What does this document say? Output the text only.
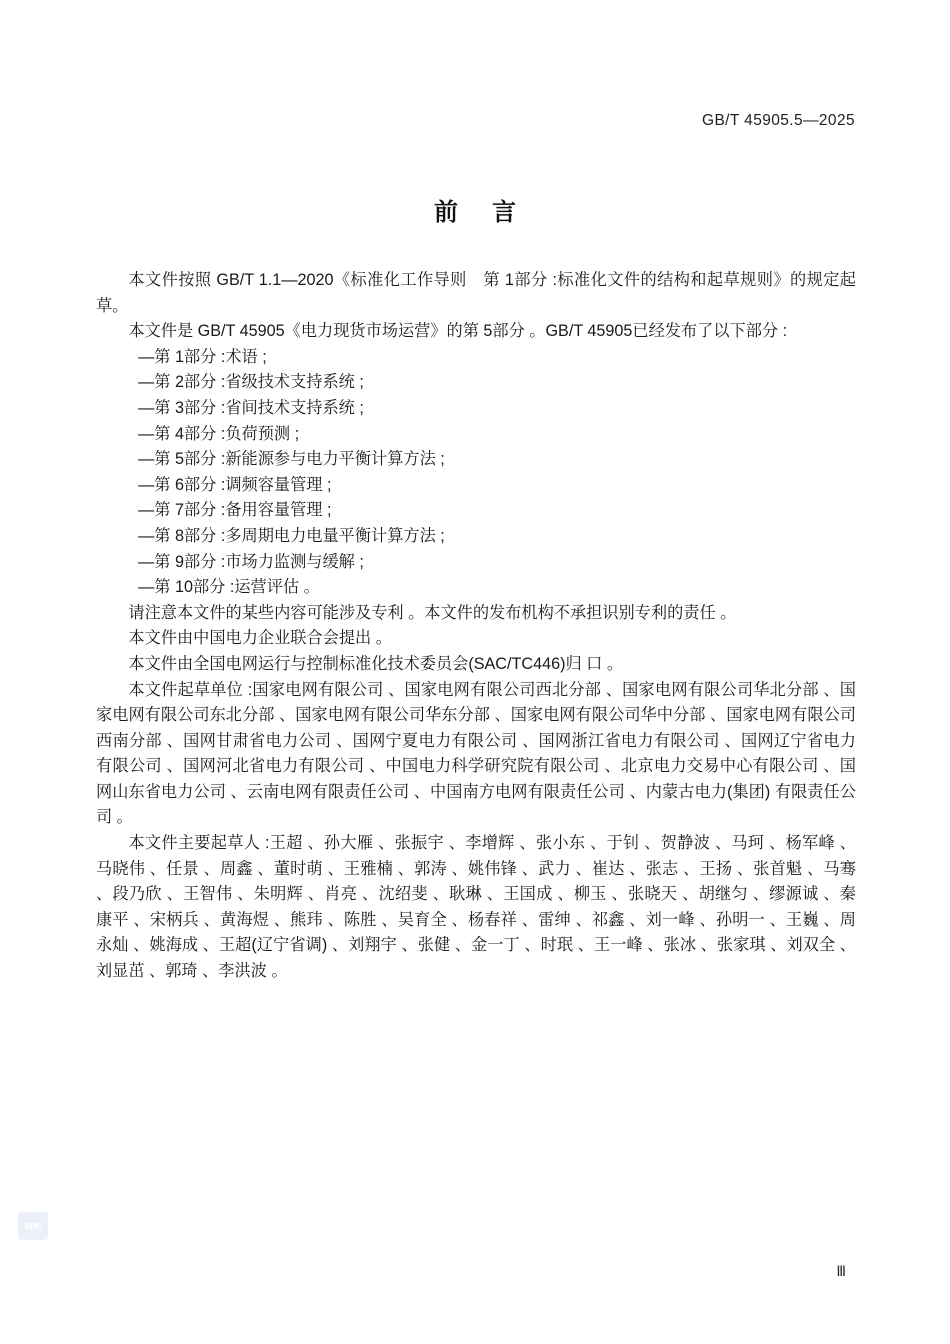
GB/T 45905.5—2025
前言

本文件按照 GB/T 1.1—2020《标准化工作导则　第 1部分 :标准化文件的结构和起草规则》的规定起草。

本文件是 GB/T 45905《电力现货市场运营》的第 5部分 。GB/T 45905已经发布了以下部分 :

—第 1部分 :术语 ;

—第 2部分 :省级技术支持系统 ;

—第 3部分 :省间技术支持系统 ;

—第 4部分 :负荷预测 ;

—第 5部分 :新能源参与电力平衡计算方法 ;

—第 6部分 :调频容量管理 ;

—第 7部分 :备用容量管理 ;

—第 8部分 :多周期电力电量平衡计算方法 ;

—第 9部分 :市场力监测与缓解 ;

—第 10部分 :运营评估 。

请注意本文件的某些内容可能涉及专利 。本文件的发布机构不承担识别专利的责任 。

本文件由中国电力企业联合会提出 。

本文件由全国电网运行与控制标准化技术委员会(SAC/TC446)归 口 。

本文件起草单位 :国家电网有限公司 、国家电网有限公司西北分部 、国家电网有限公司华北分部 、国家电网有限公司东北分部 、国家电网有限公司华东分部 、国家电网有限公司华中分部 、国家电网有限公司西南分部 、国网甘肃省电力公司 、国网宁夏电力有限公司 、国网浙江省电力有限公司 、国网辽宁省电力有限公司 、国网河北省电力有限公司 、中国电力科学研究院有限公司 、北京电力交易中心有限公司 、国网山东省电力公司 、云南电网有限责任公司 、中国南方电网有限责任公司 、内蒙古电力(集团) 有限责任公司 。

本文件主要起草人 :王超 、孙大雁 、张振宇 、李增辉 、张小东 、于钊 、贺静波 、马珂 、杨军峰 、马晓伟 、任景 、周鑫 、董时萌 、王雅楠 、郭涛 、姚伟锋 、武力 、崔达 、张志 、王扬 、张首魁 、马骞 、段乃欣 、王智伟 、朱明辉 、肖亮 、沈绍斐 、耿琳 、王国成 、柳玉 、张晓天 、胡继匀 、缪源诚 、秦康平 、宋柄兵 、黄海煜 、熊玮 、陈胜 、吴育全 、杨春祥 、雷绅 、祁鑫 、刘一峰 、孙明一 、王巍 、周永灿 、姚海成 、王超(辽宁省调) 、刘翔宇 、张健 、金一丁 、时珉 、王一峰 、张冰 、张家琪 、刘双全 、刘显茁 、郭琦 、李洪波 。

Ⅲ
snc
